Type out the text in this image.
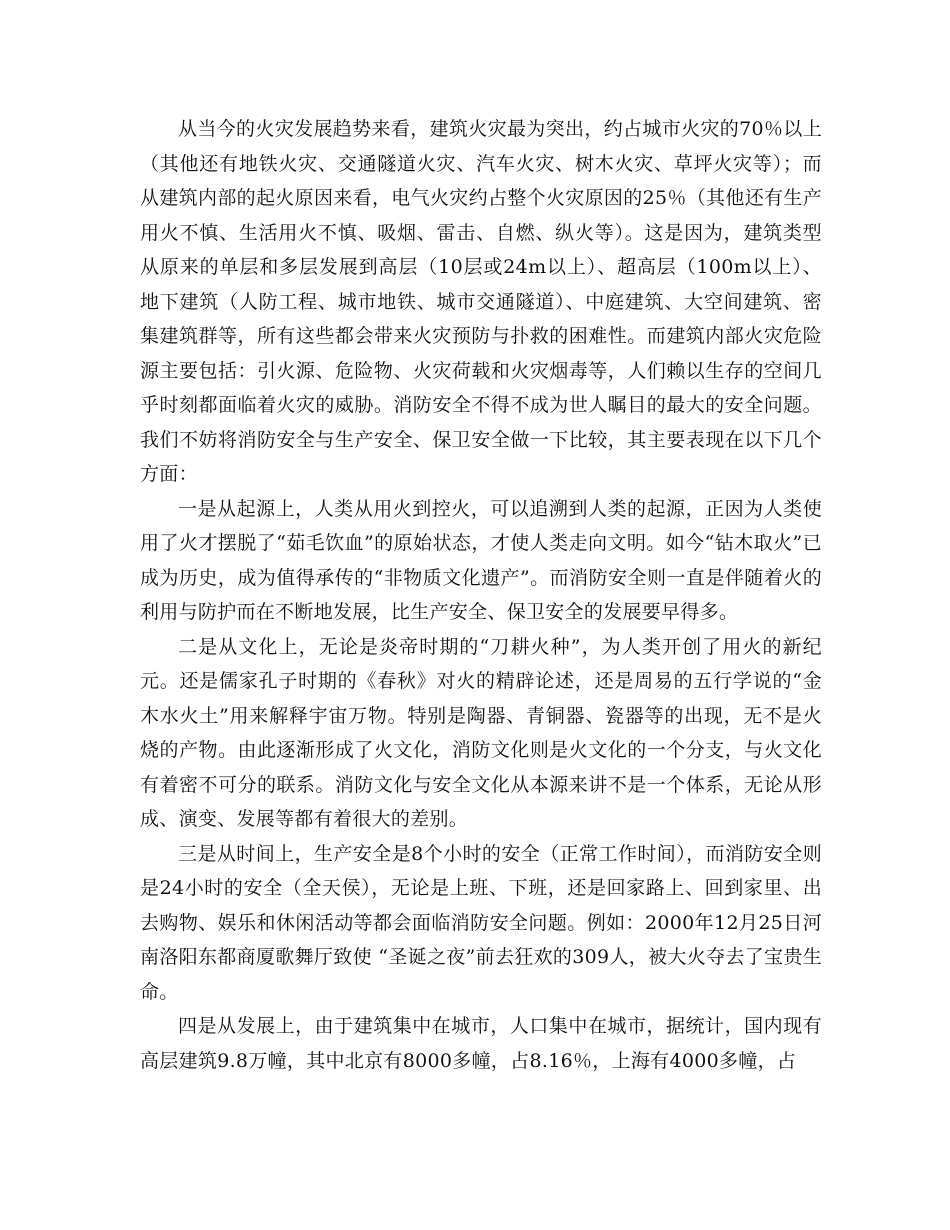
从当今的火灾发展趋势来看，建筑火灾最为突出，约占城市火灾的70％以上（其他还有地铁火灾、交通隧道火灾、汽车火灾、树木火灾、草坪火灾等）；而从建筑内部的起火原因来看，电气火灾约占整个火灾原因的25％（其他还有生产用火不慎、生活用火不慎、吸烟、雷击、自燃、纵火等）。这是因为，建筑类型从原来的单层和多层发展到高层（10层或24m以上）、超高层（100m以上）、地下建筑（人防工程、城市地铁、城市交通隧道）、中庭建筑、大空间建筑、密集建筑群等，所有这些都会带来火灾预防与扑救的困难性。而建筑内部火灾危险源主要包括：引火源、危险物、火灾荷载和火灾烟毒等，人们赖以生存的空间几乎时刻都面临着火灾的威胁。消防安全不得不成为世人瞩目的最大的安全问题。我们不妨将消防安全与生产安全、保卫安全做一下比较，其主要表现在以下几个方面：

一是从起源上，人类从用火到控火，可以追溯到人类的起源，正因为人类使用了火才摆脱了“茹毛饮血”的原始状态，才使人类走向文明。如今“钻木取火”已成为历史，成为值得承传的“非物质文化遗产”。而消防安全则一直是伴随着火的利用与防护而在不断地发展，比生产安全、保卫安全的发展要早得多。

二是从文化上，无论是炎帝时期的“刀耕火种”，为人类开创了用火的新纪元。还是儒家孔子时期的《春秋》对火的精辟论述，还是周易的五行学说的“金木水火土”用来解释宇宙万物。特别是陶器、青铜器、瓷器等的出现，无不是火烧的产物。由此逐渐形成了火文化，消防文化则是火文化的一个分支，与火文化有着密不可分的联系。消防文化与安全文化从本源来讲不是一个体系，无论从形成、演变、发展等都有着很大的差别。

三是从时间上，生产安全是8个小时的安全（正常工作时间），而消防安全则是24小时的安全（全天侯），无论是上班、下班，还是回家路上、回到家里、出去购物、娱乐和休闲活动等都会面临消防安全问题。例如：2000年12月25日河南洛阳东都商厦歌舞厅致使 “圣诞之夜”前去狂欢的309人，被大火夺去了宝贵生命。

四是从发展上，由于建筑集中在城市，人口集中在城市，据统计，国内现有高层建筑9.8万幢，其中北京有8000多幢，占8.16％，上海有4000多幢，占
